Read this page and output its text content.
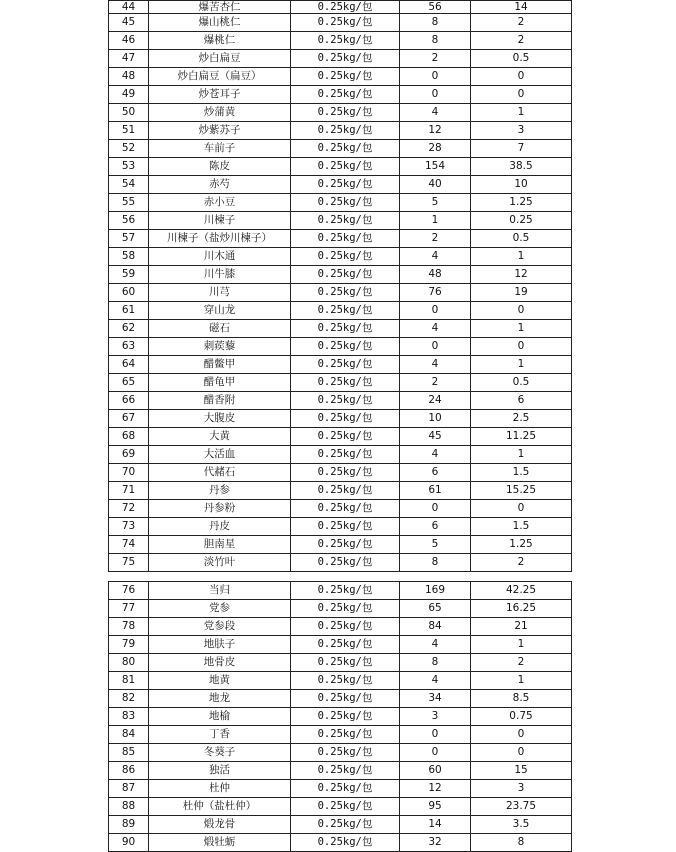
44	爆苦杏仁	0.25kg/包	56	14
45	爆山桃仁	0.25kg/包	8	2
46	爆桃仁	0.25kg/包	8	2
47	炒白扁豆	0.25kg/包	2	0.5
48	炒白扁豆（扁豆）	0.25kg/包	0	0
49	炒苍耳子	0.25kg/包	0	0
50	炒蒲黄	0.25kg/包	4	1
51	炒紫苏子	0.25kg/包	12	3
52	车前子	0.25kg/包	28	7
53	陈皮	0.25kg/包	154	38.5
54	赤芍	0.25kg/包	40	10
55	赤小豆	0.25kg/包	5	1.25
56	川楝子	0.25kg/包	1	0.25
57	川楝子（盐炒川楝子）	0.25kg/包	2	0.5
58	川木通	0.25kg/包	4	1
59	川牛膝	0.25kg/包	48	12
60	川芎	0.25kg/包	76	19
61	穿山龙	0.25kg/包	0	0
62	磁石	0.25kg/包	4	1
63	刺蒺藜	0.25kg/包	0	0
64	醋鳖甲	0.25kg/包	4	1
65	醋龟甲	0.25kg/包	2	0.5
66	醋香附	0.25kg/包	24	6
67	大腹皮	0.25kg/包	10	2.5
68	大黄	0.25kg/包	45	11.25
69	大活血	0.25kg/包	4	1
70	代赭石	0.25kg/包	6	1.5
71	丹参	0.25kg/包	61	15.25
72	丹参粉	0.25kg/包	0	0
73	丹皮	0.25kg/包	6	1.5
74	胆南星	0.25kg/包	5	1.25
75	淡竹叶	0.25kg/包	8	2
76	当归	0.25kg/包	169	42.25
77	党参	0.25kg/包	65	16.25
78	党参段	0.25kg/包	84	21
79	地肤子	0.25kg/包	4	1
80	地骨皮	0.25kg/包	8	2
81	地黄	0.25kg/包	4	1
82	地龙	0.25kg/包	34	8.5
83	地榆	0.25kg/包	3	0.75
84	丁香	0.25kg/包	0	0
85	冬葵子	0.25kg/包	0	0
86	独活	0.25kg/包	60	15
87	杜仲	0.25kg/包	12	3
88	杜仲（盐杜仲）	0.25kg/包	95	23.75
89	煅龙骨	0.25kg/包	14	3.5
90	煅牡蛎	0.25kg/包	32	8
